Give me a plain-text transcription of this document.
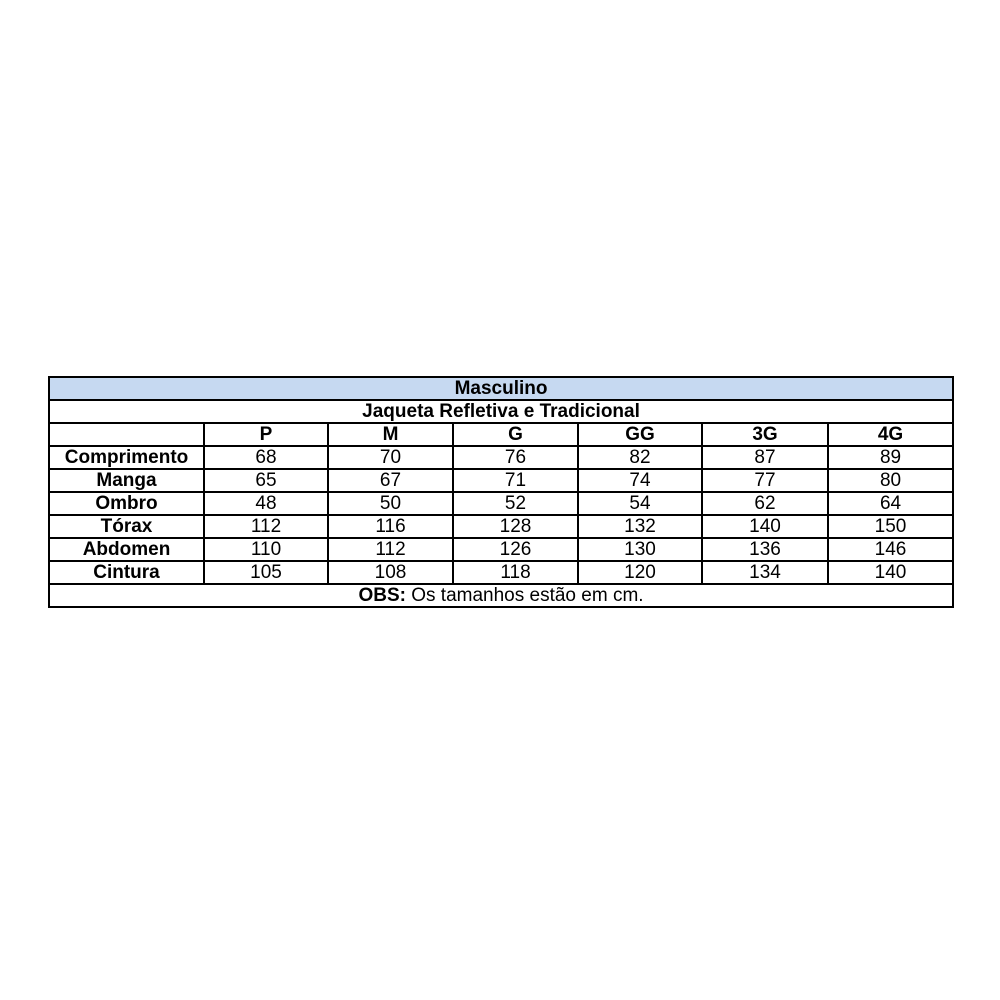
Masculino						
Jaqueta Refletiva e Tradicional						
	P	M	G	GG	3G	4G
Comprimento	68	70	76	82	87	89
Manga	65	67	71	74	77	80
Ombro	48	50	52	54	62	64
Tórax	112	116	128	132	140	150
Abdomen	110	112	126	130	136	146
Cintura	105	108	118	120	134	140
OBS: Os tamanhos estão em cm.						
